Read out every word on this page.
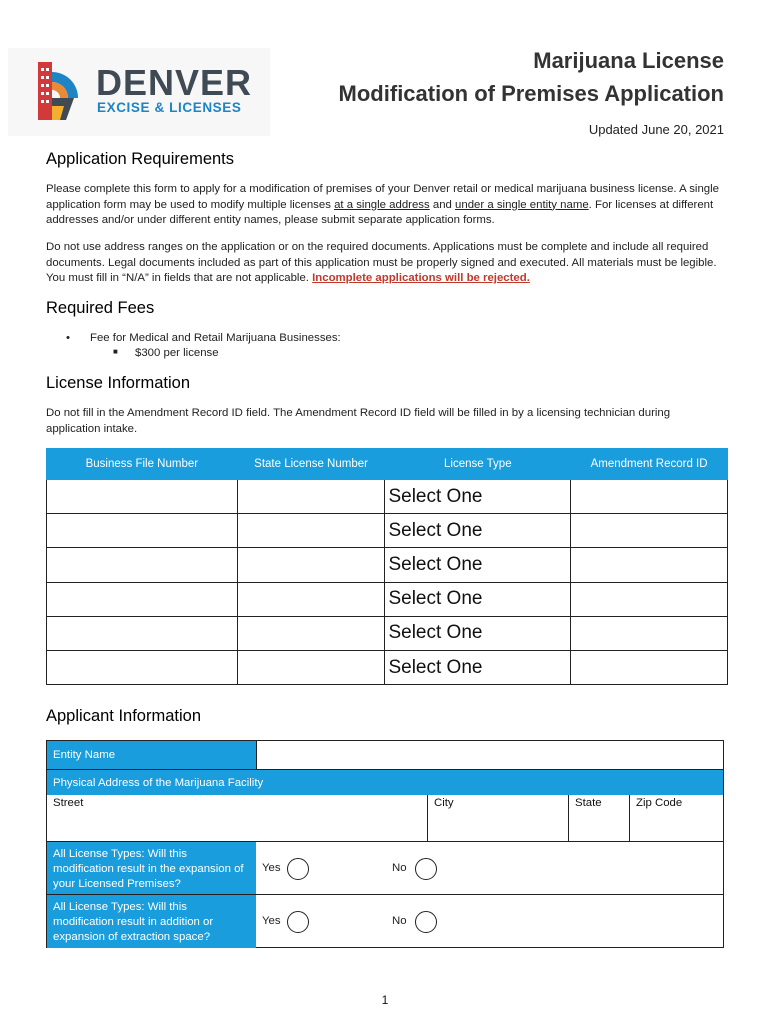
DENVER
EXCISE & LICENSES
Marijuana License
Modification of Premises Application
Updated June 20, 2021
Application Requirements
Please complete this form to apply for a modification of premises of your Denver retail or medical marijuana business license. A single application form may be used to modify multiple licenses at a single address and under a single entity name. For licenses at different addresses and/or under different entity names, please submit separate application forms.
Do not use address ranges on the application or on the required documents. Applications must be complete and include all required documents. Legal documents included as part of this application must be properly signed and executed. All materials must be legible. You must fill in “N/A” in fields that are not applicable. Incomplete applications will be rejected.
Required Fees
• Fee for Medical and Retail Marijuana Businesses:
■ $300 per license
License Information
Do not fill in the Amendment Record ID field. The Amendment Record ID field will be filled in by a licensing technician during application intake.
Business File Number	State License Number	License Type	Amendment Record ID
		Select One	
		Select One	
		Select One	
		Select One	
		Select One	
		Select One	
Applicant Information
Entity Name
Physical Address of the Marijuana Facility
Street	City	State	Zip Code
All License Types: Will this modification result in the expansion of your Licensed Premises?
Yes	No
All License Types: Will this modification result in addition or expansion of extraction space?
Yes	No
1
